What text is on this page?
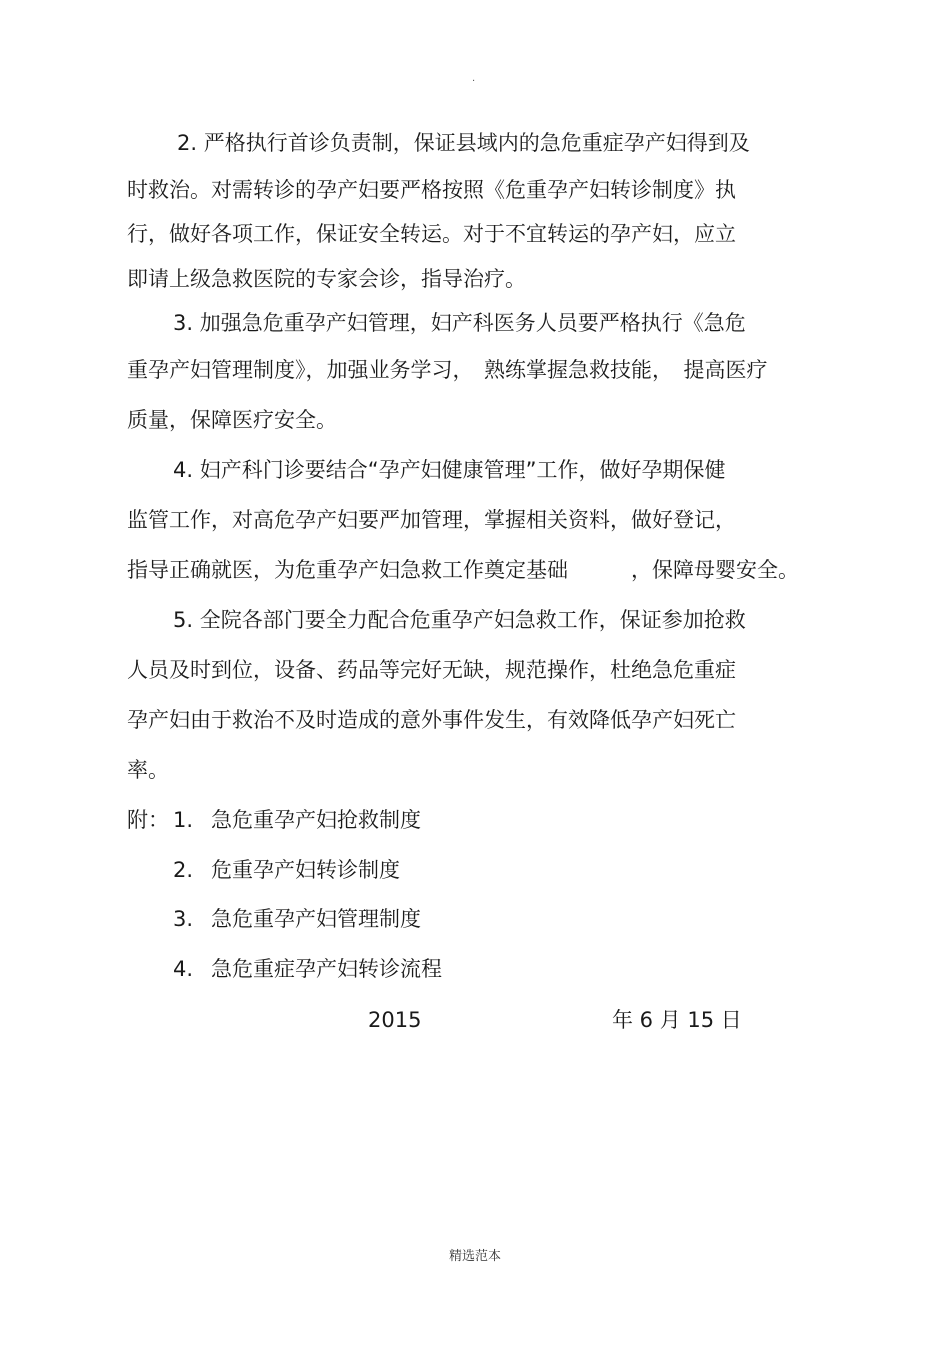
.

2. 严格执行首诊负责制，保证县域内的急危重症孕产妇得到及

时救治。对需转诊的孕产妇要严格按照《危重孕产妇转诊制度》执

行，做好各项工作，保证安全转运。对于不宜转运的孕产妇，应立

即请上级急救医院的专家会诊，指导治疗。

3. 加强急危重孕产妇管理，妇产科医务人员要严格执行《急危

重孕产妇管理制度》，加强业务学习，　熟练掌握急救技能，　提高医疗

质量，保障医疗安全。

4. 妇产科门诊要结合“孕产妇健康管理”工作，做好孕期保健

监管工作，对高危孕产妇要严加管理，掌握相关资料，做好登记，

指导正确就医，为危重孕产妇急救工作奠定基础　　　，保障母婴安全。

5. 全院各部门要全力配合危重孕产妇急救工作，保证参加抢救

人员及时到位，设备、药品等完好无缺，规范操作，杜绝急危重症

孕产妇由于救治不及时造成的意外事件发生，有效降低孕产妇死亡

率。

附： 1. 急危重孕产妇抢救制度
2. 危重孕产妇转诊制度
3. 急危重孕产妇管理制度
4. 急危重症孕产妇转诊流程
2015	年 6 月 15 日
精选范本
